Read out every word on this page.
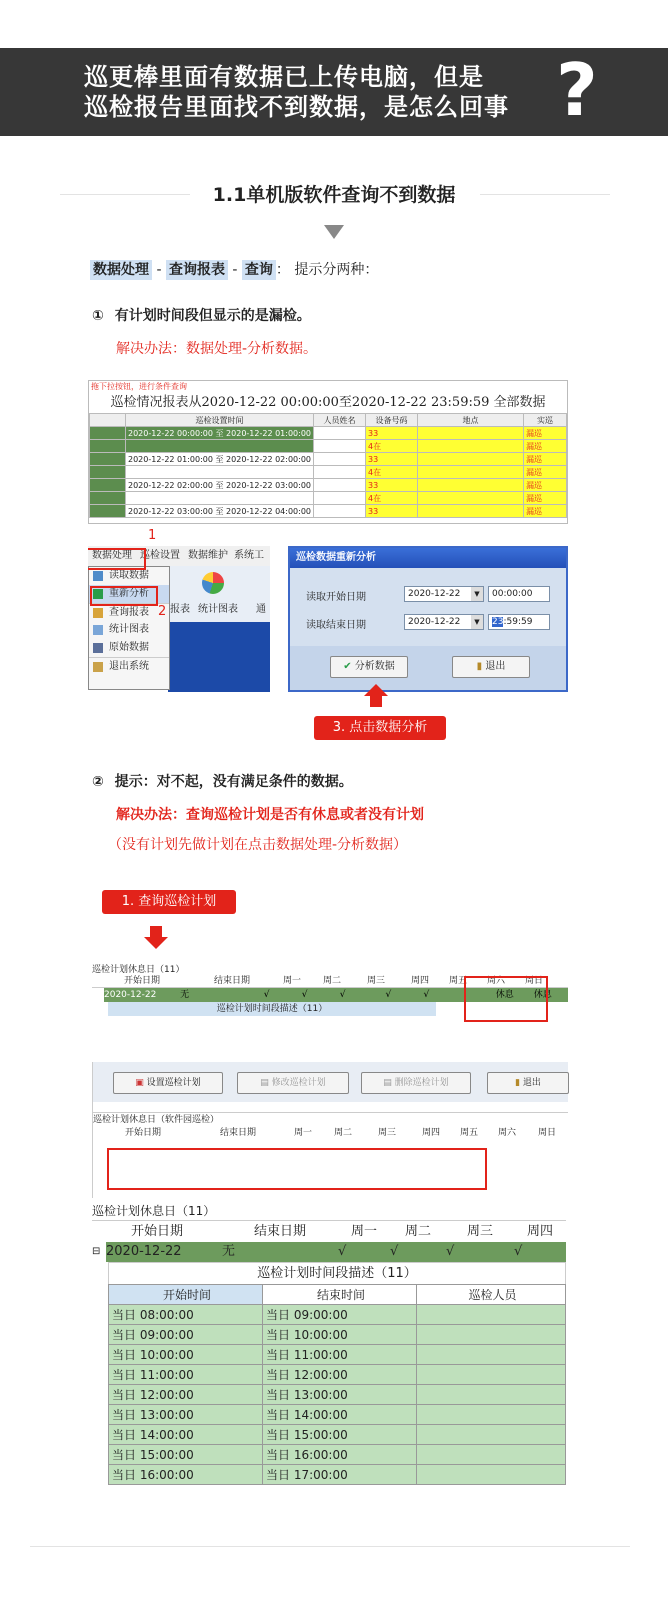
巡更棒里面有数据已上传电脑，但是
巡检报告里面找不到数据，是怎么回事 ?
1.1单机版软件查询不到数据
数据处理 - 查询报表 - 查询 ： 提示分两种：
① 有计划时间段但显示的是漏检。
解决办法：数据处理-分析数据。
拖下拉按钮，进行条件查询
巡检情况报表从2020-12-22 00:00:00至2020-12-22 23:59:59 全部数据
	巡检设置时间	人员姓名	设备号码	地点	实巡
	2020-12-22 00:00:00 至 2020-12-22 01:00:00		33		漏巡
			4在		漏巡
	2020-12-22 01:00:00 至 2020-12-22 02:00:00		33		漏巡
			4在		漏巡
	2020-12-22 02:00:00 至 2020-12-22 03:00:00		33		漏巡
			4在		漏巡
	2020-12-22 03:00:00 至 2020-12-22 04:00:00		33		漏巡
数据处理 巡检设置 数据维护 系统工
报表 统计图表 通
读取数据
重新分析
查询报表
统计图表
原始数据
退出系统
1
2
巡检数据重新分析
读取开始日期	2020-12-22	▼	00:00:00
读取结束日期	2020-12-22	▼	23:59:59
✔ 分析数据	▮ 退出
3. 点击数据分析
② 提示：对不起，没有满足条件的数据。
解决办法：查询巡检计划是否有休息或者没有计划
（没有计划先做计划在点击数据处理-分析数据）
1. 查询巡检计划
巡检计划休息日（11）
开始日期	结束日期	周一	周二	周三	周四	周五	周六	周日
2020-12-22	无	√	√	√	√	√	休息	休息
巡检计划时间段描述（11）
▣ 设置巡检计划	▤ 修改巡检计划	▤ 删除巡检计划	▮ 退出
巡检计划休息日（软件园巡检）
开始日期	结束日期	周一	周二	周三	周四	周五	周六	周日
巡检计划休息日（11）
开始日期	结束日期	周一	周二	周三	周四
⊟ 2020-12-22	无	√	√	√	√
巡检计划时间段描述（11）
开始时间	结束时间	巡检人员
当日 08:00:00	当日 09:00:00	
当日 09:00:00	当日 10:00:00	
当日 10:00:00	当日 11:00:00	
当日 11:00:00	当日 12:00:00	
当日 12:00:00	当日 13:00:00	
当日 13:00:00	当日 14:00:00	
当日 14:00:00	当日 15:00:00	
当日 15:00:00	当日 16:00:00	
当日 16:00:00	当日 17:00:00	
